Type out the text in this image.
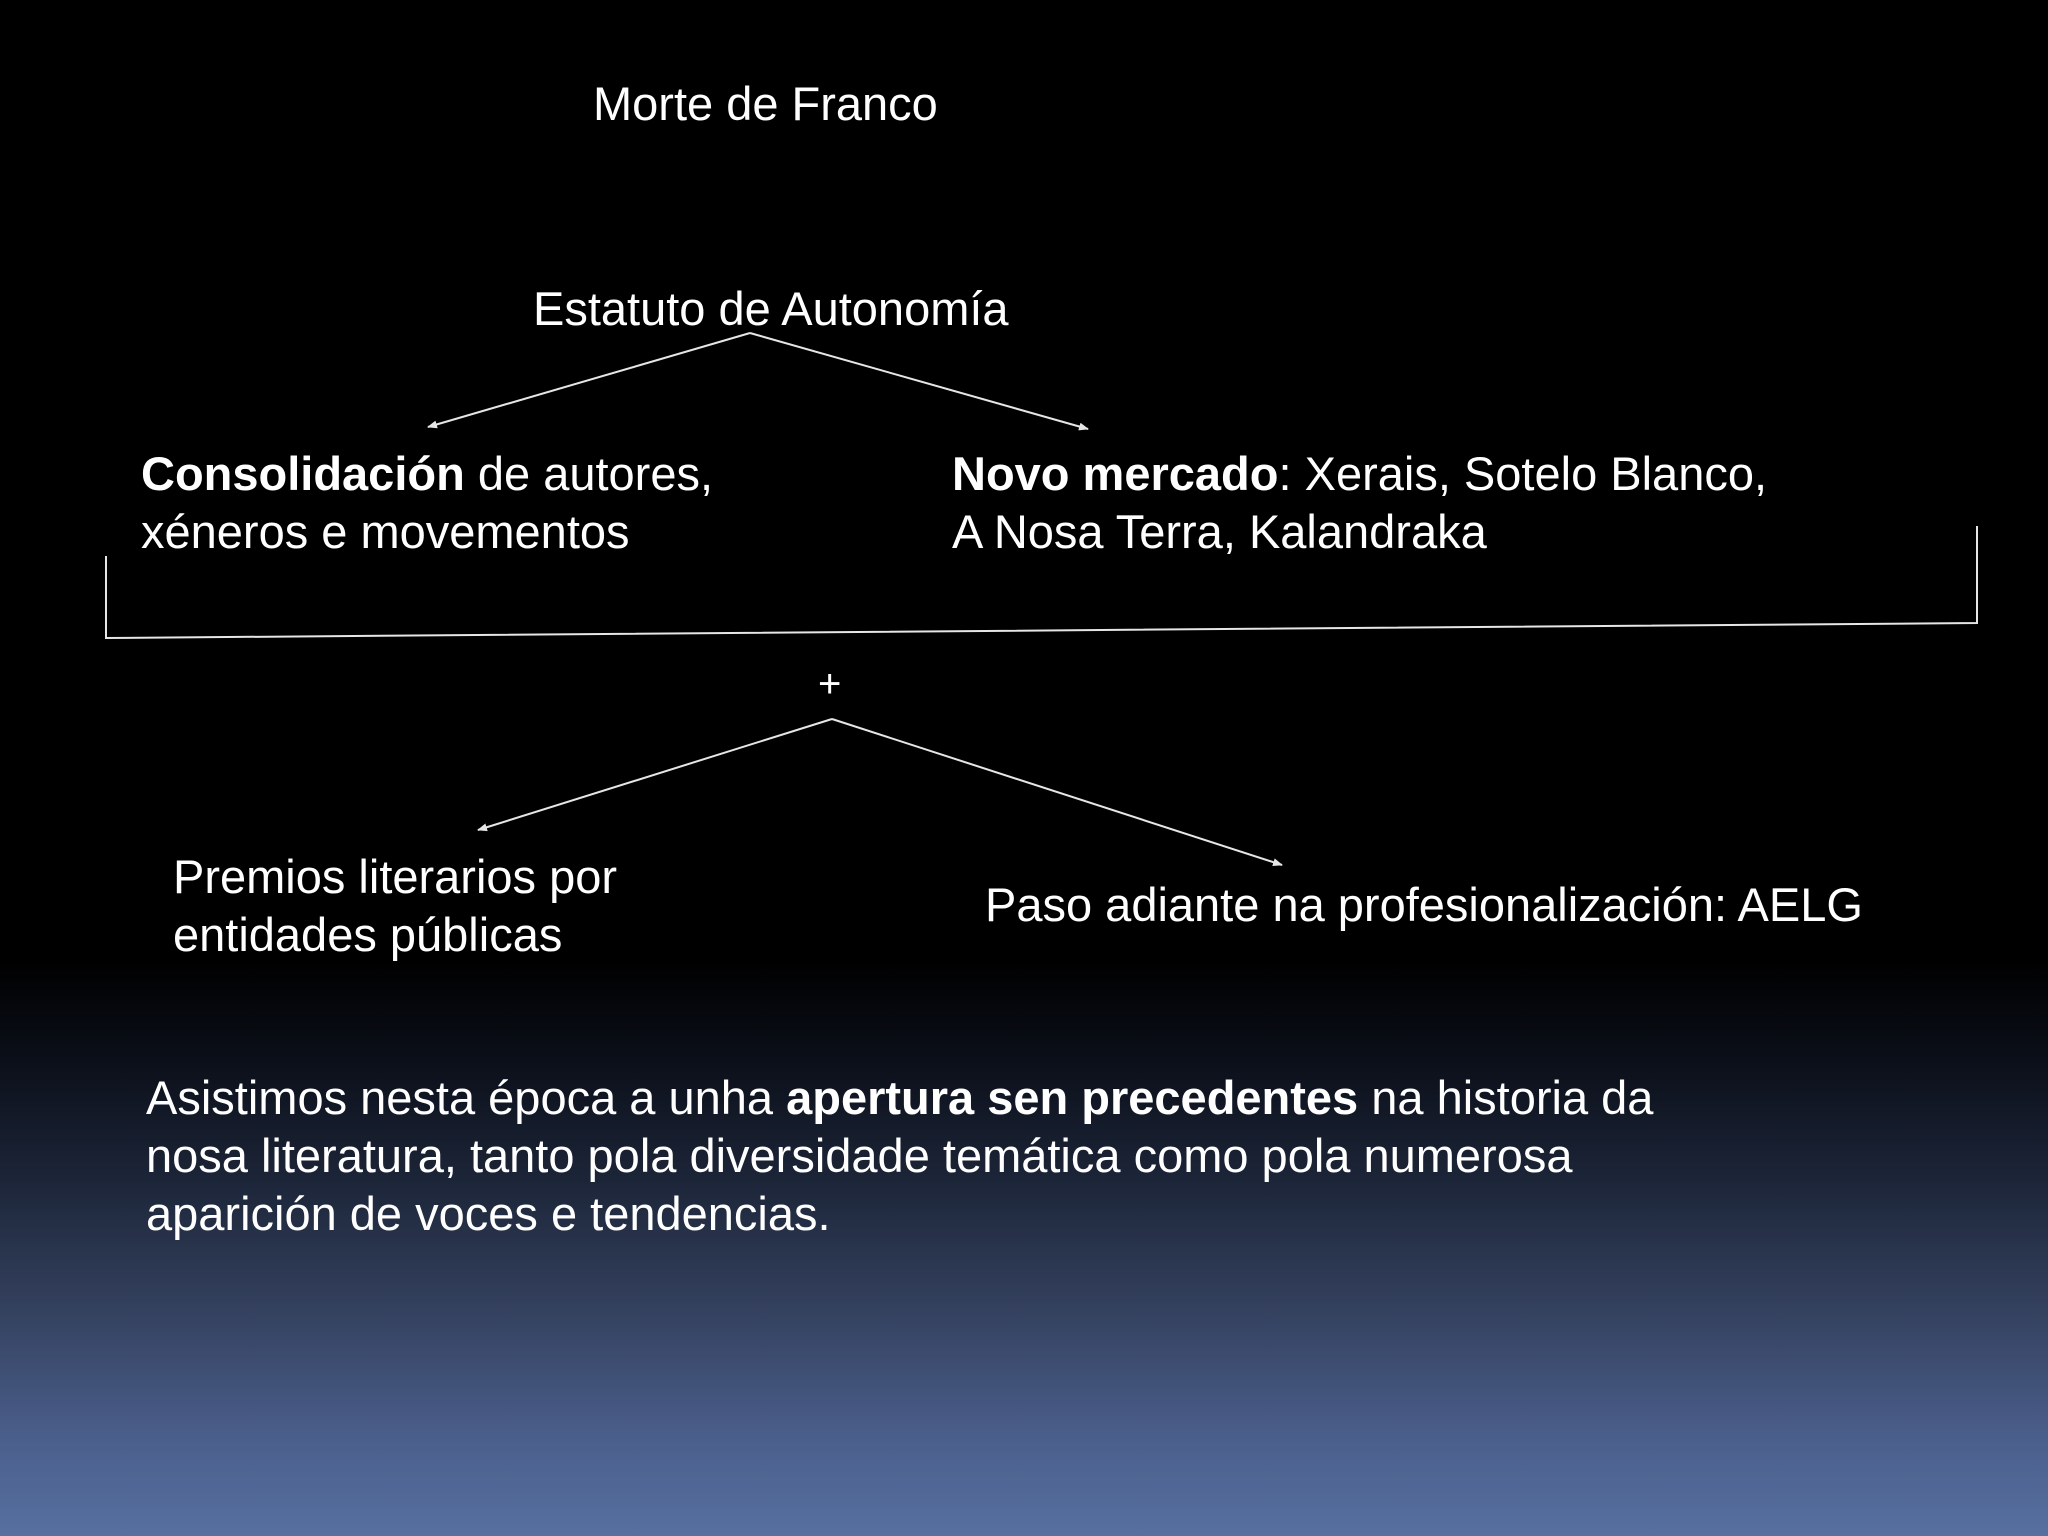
Morte de Franco

Estatuto de Autonomía

Consolidación de autores,
xéneros e movementos
Novo mercado: Xerais, Sotelo Blanco,
A Nosa Terra, Kalandraka

+

Premios literarios por
entidades públicas

Paso adiante na profesionalización: AELG

Asistimos nesta época a unha apertura sen precedentes na historia da
nosa literatura, tanto pola diversidade temática como pola numerosa
aparición de voces e tendencias.
